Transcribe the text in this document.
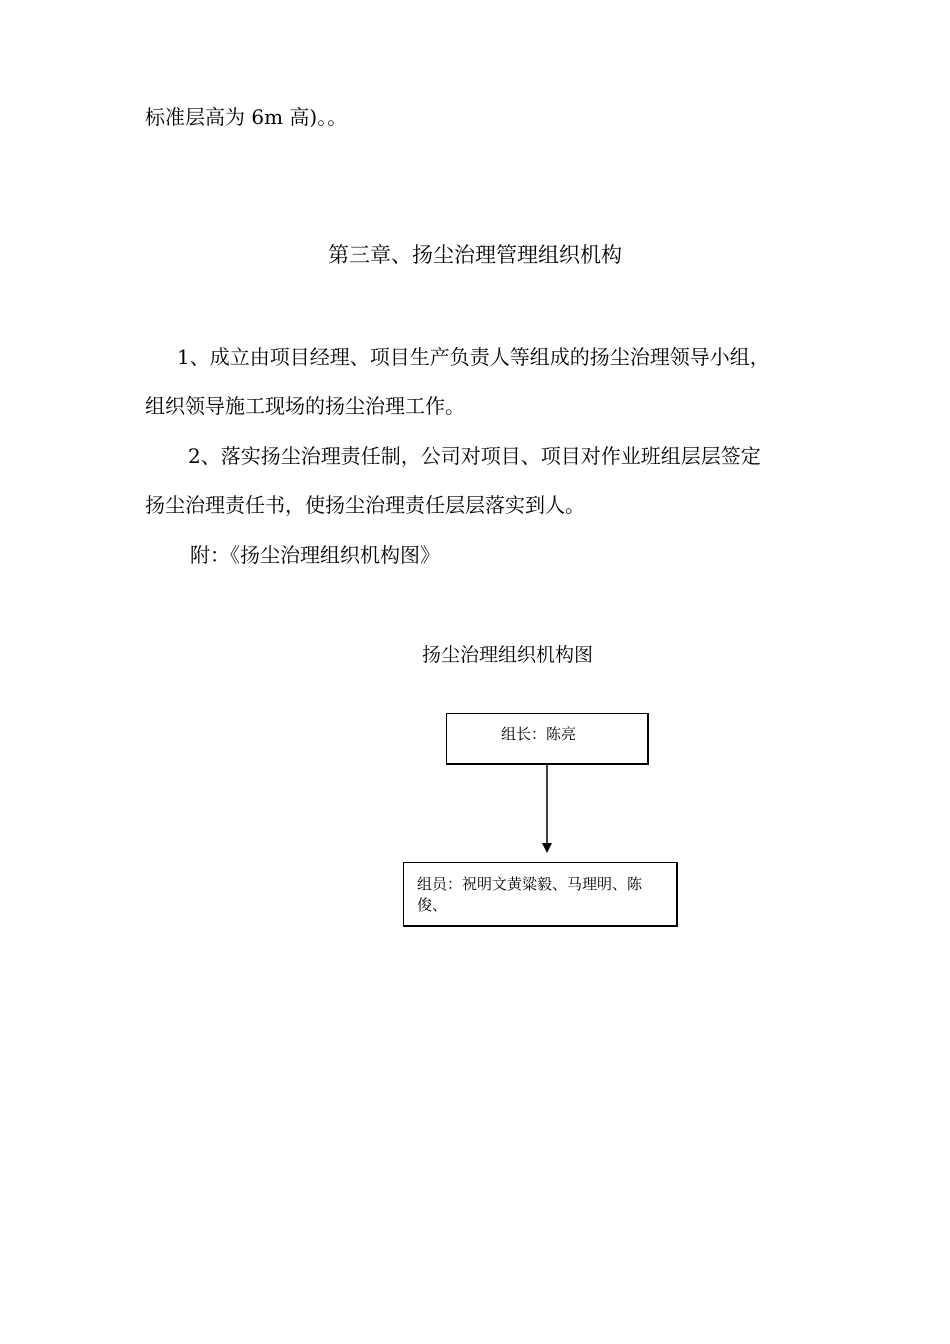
标准层高为 6m 高)。。
第三章、扬尘治理管理组织机构
1、成立由项目经理、项目生产负责人等组成的扬尘治理领导小组，
组织领导施工现场的扬尘治理工作。
2、落实扬尘治理责任制，公司对项目、项目对作业班组层层签定
扬尘治理责任书，使扬尘治理责任层层落实到人。
附：《扬尘治理组织机构图》
扬尘治理组织机构图
组长：陈亮
组员：祝明文黄粱毅、马理明、陈俊、
